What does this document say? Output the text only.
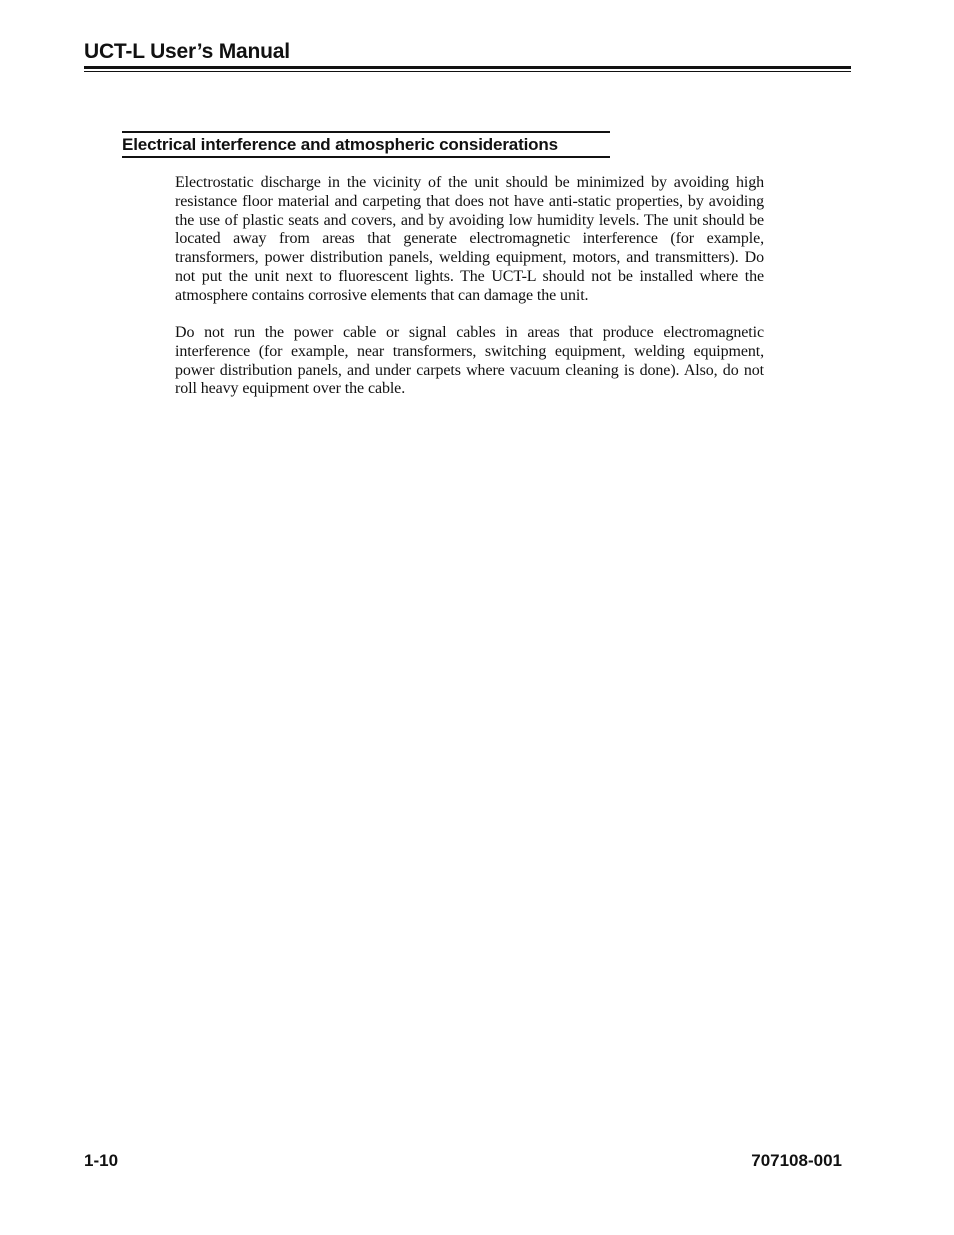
UCT-L User’s Manual
Electrical interference and atmospheric considerations

Electrostatic discharge in the vicinity of the unit should be minimized by avoiding high resistance floor material and carpeting that does not have anti-static properties, by avoiding the use of plastic seats and covers, and by avoiding low humidity levels. The unit should be located away from areas that generate electromagnetic interference (for example, transformers, power distribution panels, welding equipment, motors, and transmitters). Do not put the unit next to fluorescent lights. The UCT-L should not be installed where the atmosphere contains corrosive elements that can damage the unit.

Do not run the power cable or signal cables in areas that produce electromagnetic interference (for example, near transformers, switching equipment, welding equipment, power distribution panels, and under carpets where vacuum cleaning is done). Also, do not roll heavy equipment over the cable.

1-10	707108-001
